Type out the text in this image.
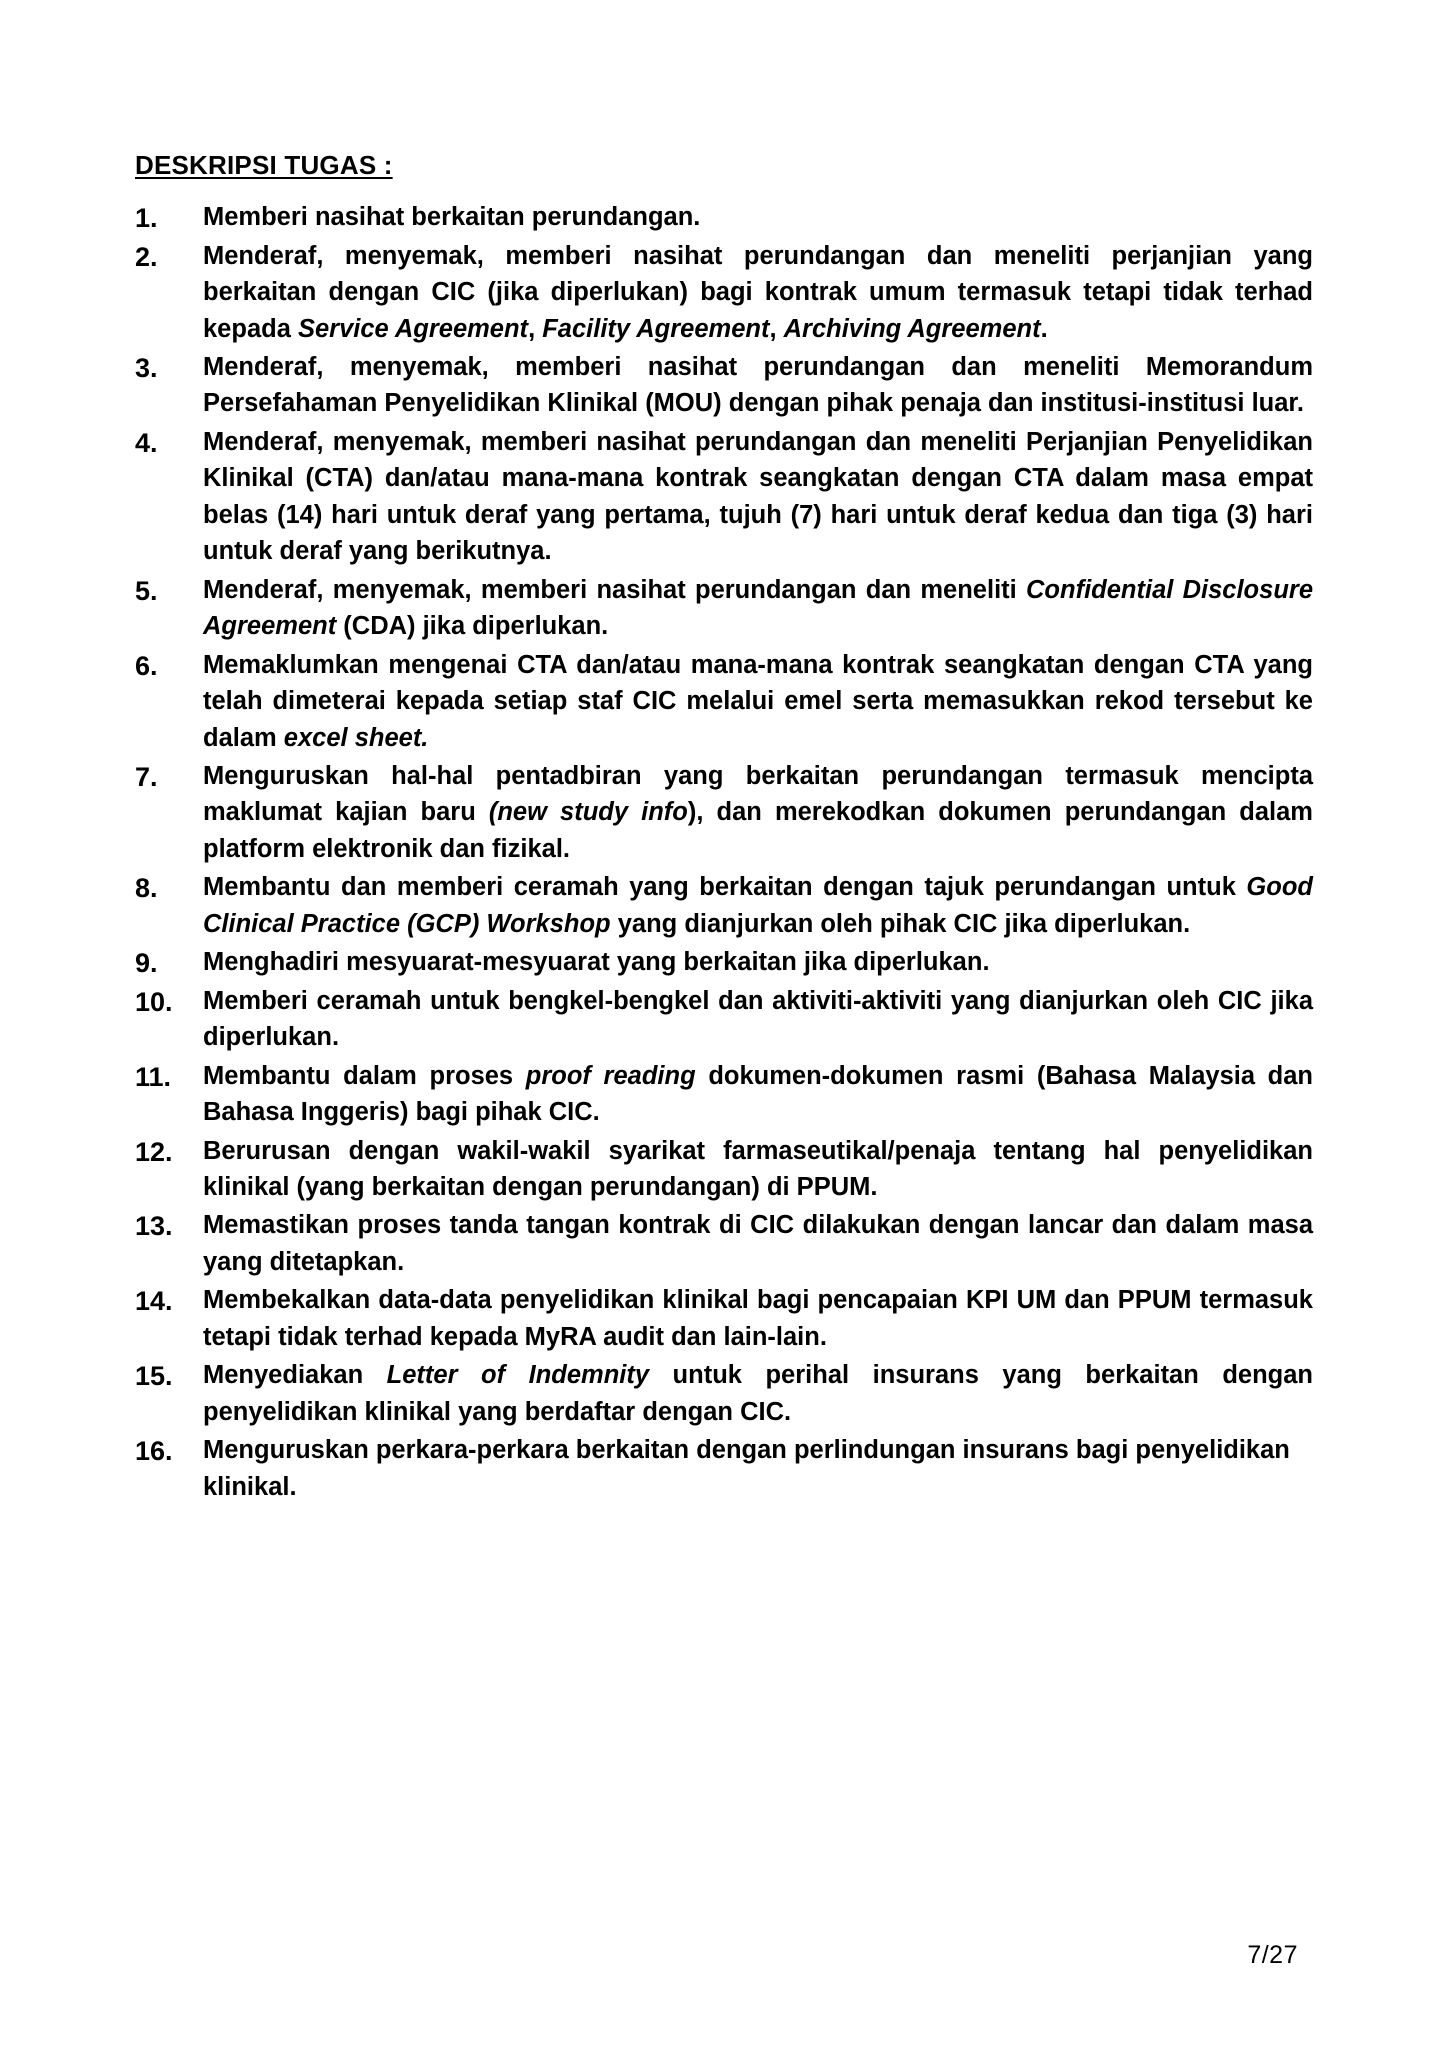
DESKRIPSI TUGAS :
Memberi nasihat berkaitan perundangan.
Menderaf, menyemak, memberi nasihat perundangan dan meneliti perjanjian yang berkaitan dengan CIC (jika diperlukan) bagi kontrak umum termasuk tetapi tidak terhad kepada Service Agreement, Facility Agreement, Archiving Agreement.
Menderaf, menyemak, memberi nasihat perundangan dan meneliti Memorandum Persefahaman Penyelidikan Klinikal (MOU) dengan pihak penaja dan institusi-institusi luar.
Menderaf, menyemak, memberi nasihat perundangan dan meneliti Perjanjian Penyelidikan Klinikal (CTA) dan/atau mana-mana kontrak seangkatan dengan CTA dalam masa empat belas (14) hari untuk deraf yang pertama, tujuh (7) hari untuk deraf kedua dan tiga (3) hari untuk deraf yang berikutnya.
Menderaf, menyemak, memberi nasihat perundangan dan meneliti Confidential Disclosure Agreement (CDA) jika diperlukan.
Memaklumkan mengenai CTA dan/atau mana-mana kontrak seangkatan dengan CTA yang telah dimeterai kepada setiap staf CIC melalui emel serta memasukkan rekod tersebut ke dalam excel sheet.
Menguruskan hal-hal pentadbiran yang berkaitan perundangan termasuk mencipta maklumat kajian baru (new study info), dan merekodkan dokumen perundangan dalam platform elektronik dan fizikal.
Membantu dan memberi ceramah yang berkaitan dengan tajuk perundangan untuk Good Clinical Practice (GCP) Workshop yang dianjurkan oleh pihak CIC jika diperlukan.
Menghadiri mesyuarat-mesyuarat yang berkaitan jika diperlukan.
Memberi ceramah untuk bengkel-bengkel dan aktiviti-aktiviti yang dianjurkan oleh CIC jika diperlukan.
Membantu dalam proses proof reading dokumen-dokumen rasmi (Bahasa Malaysia dan Bahasa Inggeris) bagi pihak CIC.
Berurusan dengan wakil-wakil syarikat farmaseutikal/penaja tentang hal penyelidikan klinikal (yang berkaitan dengan perundangan) di PPUM.
Memastikan proses tanda tangan kontrak di CIC dilakukan dengan lancar dan dalam masa yang ditetapkan.
Membekalkan data-data penyelidikan klinikal bagi pencapaian KPI UM dan PPUM termasuk tetapi tidak terhad kepada MyRA audit dan lain-lain.
Menyediakan Letter of Indemnity untuk perihal insurans yang berkaitan dengan penyelidikan klinikal yang berdaftar dengan CIC.
Menguruskan perkara-perkara berkaitan dengan perlindungan insurans bagi penyelidikan klinikal.
7/27
